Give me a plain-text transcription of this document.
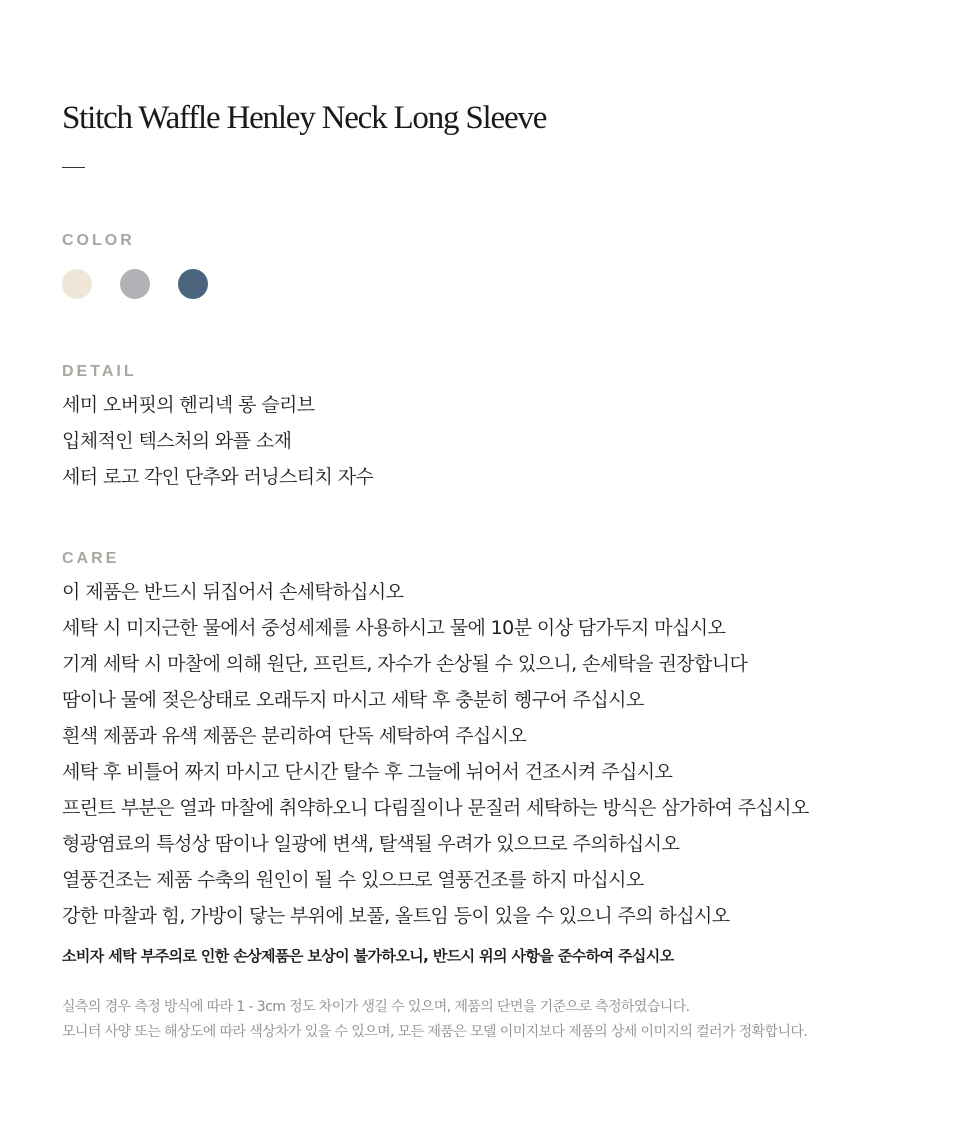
Stitch Waffle Henley Neck Long Sleeve
COLOR
DETAIL
세미 오버핏의 헨리넥 롱 슬리브
입체적인 텍스처의 와플 소재
세터 로고 각인 단추와 러닝스티치 자수
CARE
이 제품은 반드시 뒤집어서 손세탁하십시오
세탁 시 미지근한 물에서 중성세제를 사용하시고 물에 10분 이상 담가두지 마십시오
기계 세탁 시 마찰에 의해 원단, 프린트, 자수가 손상될 수 있으니, 손세탁을 권장합니다
땀이나 물에 젖은상태로 오래두지 마시고 세탁 후 충분히 헹구어 주십시오
흰색 제품과 유색 제품은 분리하여 단독 세탁하여 주십시오
세탁 후 비틀어 짜지 마시고 단시간 탈수 후 그늘에 뉘어서 건조시켜 주십시오
프린트 부분은 열과 마찰에 취약하오니 다림질이나 문질러 세탁하는 방식은 삼가하여 주십시오
형광염료의 특성상 땀이나 일광에 변색, 탈색될 우려가 있으므로 주의하십시오
열풍건조는 제품 수축의 원인이 될 수 있으므로 열풍건조를 하지 마십시오
강한 마찰과 힘, 가방이 닿는 부위에 보풀, 올트임 등이 있을 수 있으니 주의 하십시오
소비자 세탁 부주의로 인한 손상제품은 보상이 불가하오니, 반드시 위의 사항을 준수하여 주십시오
실측의 경우 측정 방식에 따라 1 - 3cm 정도 차이가 생길 수 있으며, 제품의 단면을 기준으로 측정하였습니다.
모니터 사양 또는 해상도에 따라 색상차가 있을 수 있으며, 모든 제품은 모델 이미지보다 제품의 상세 이미지의 컬러가 정확합니다.
